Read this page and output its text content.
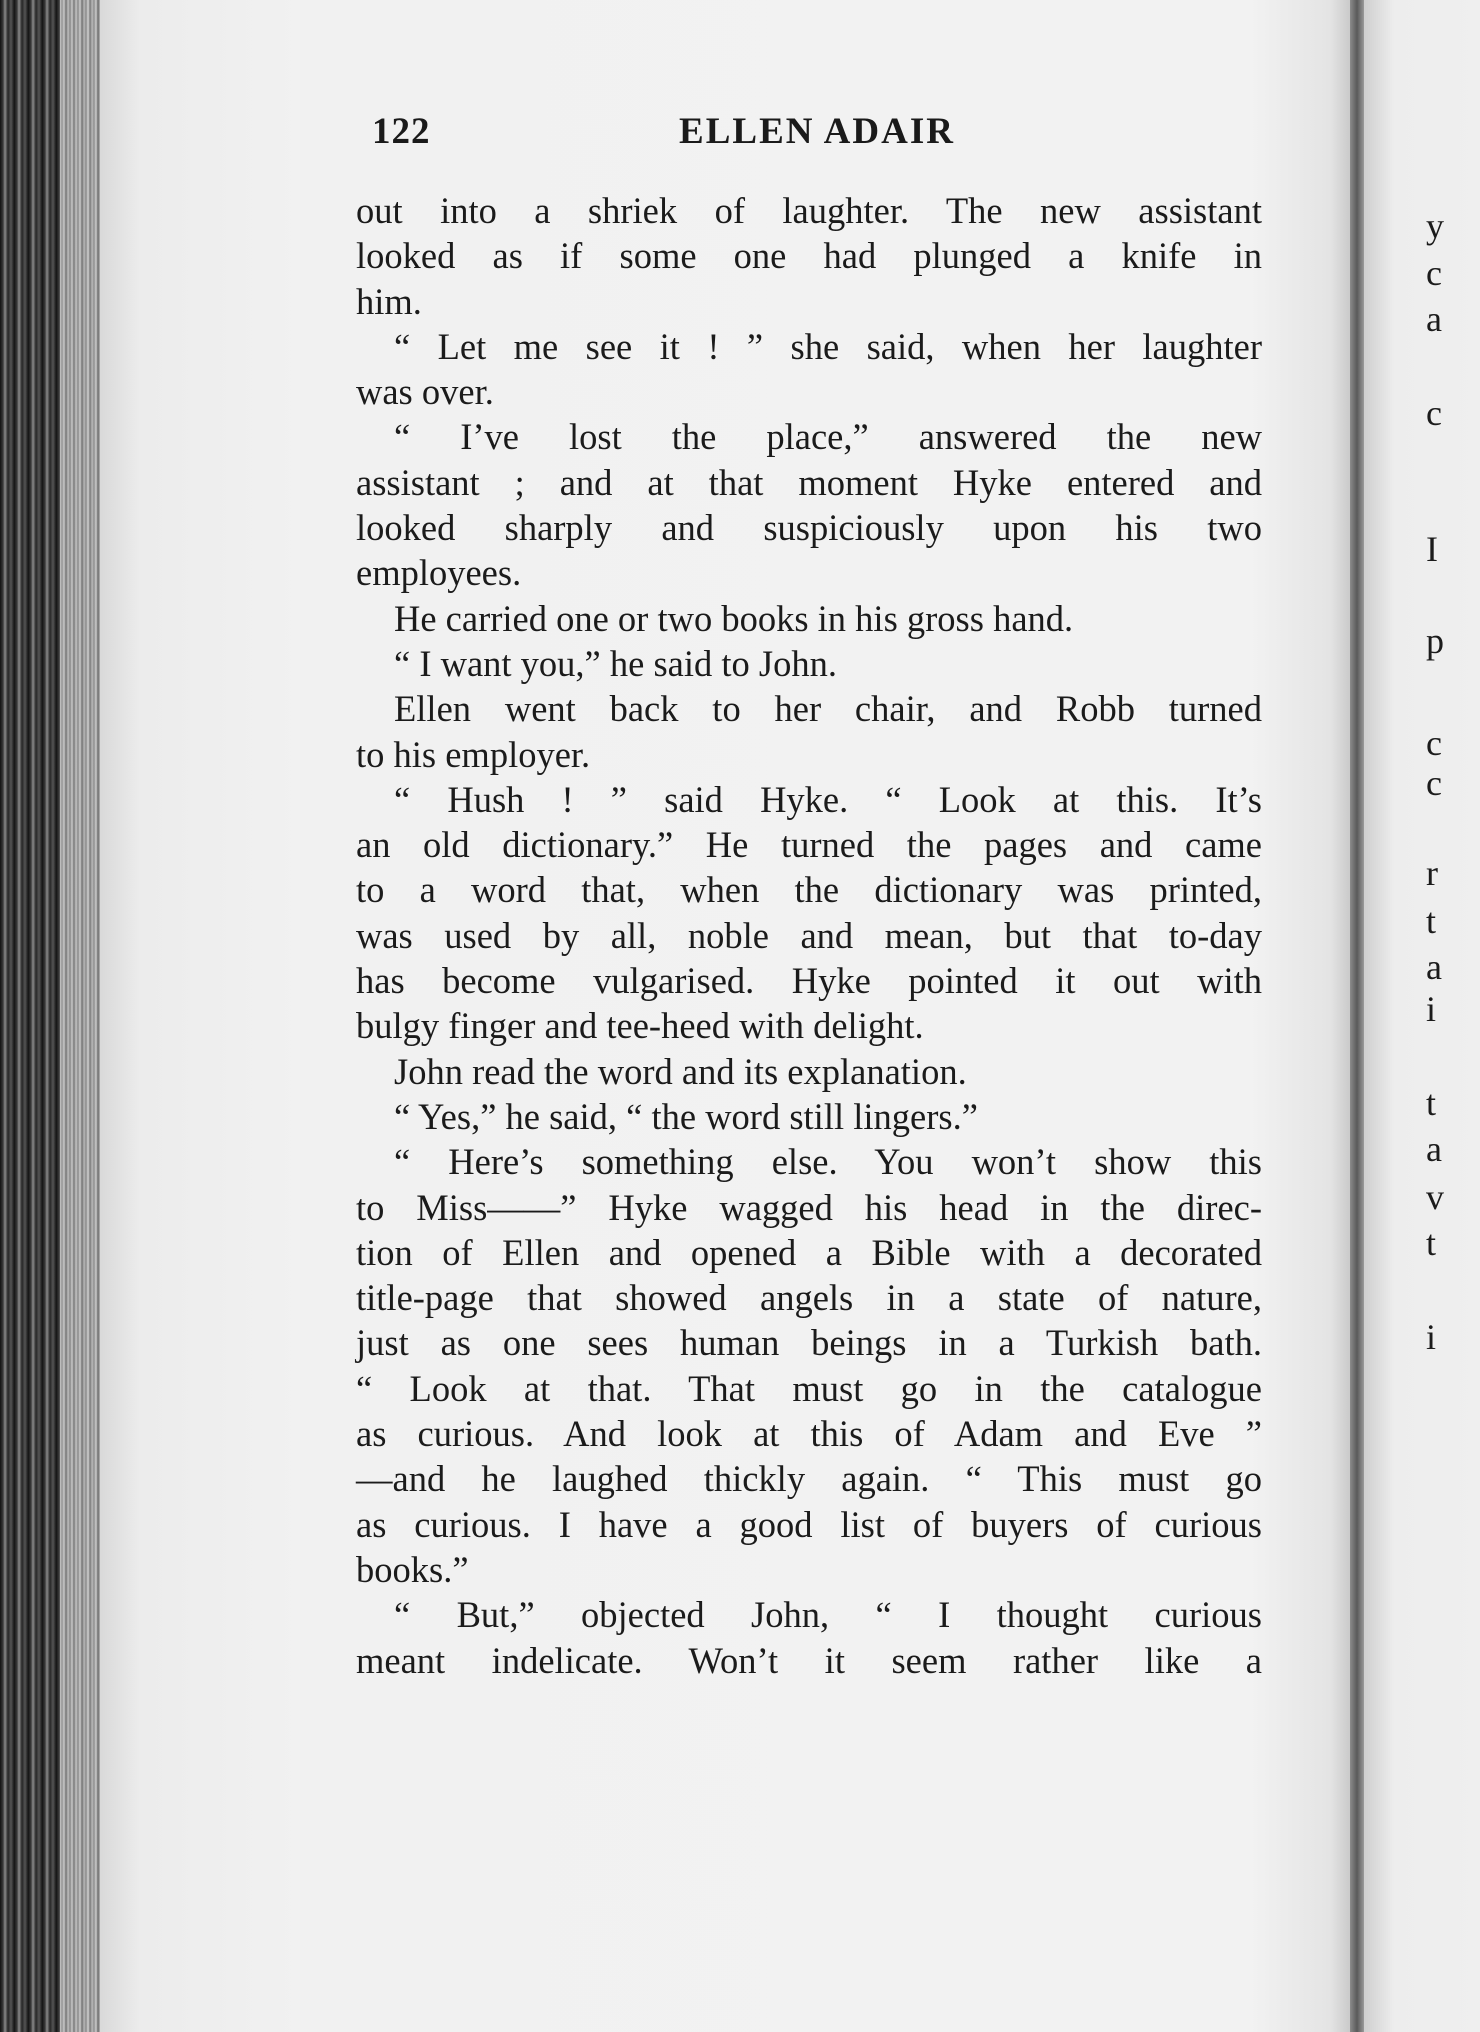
122	ELLEN ADAIR
out into a shriek of laughter. The new assistant
looked as if some one had plunged a knife in
him.
“ Let me see it ! ” she said, when her laughter
was over.
“ I’ve lost the place,” answered the new
assistant ; and at that moment Hyke entered and
looked sharply and suspiciously upon his two
employees.
He carried one or two books in his gross hand.
“ I want you,” he said to John.
Ellen went back to her chair, and Robb turned
to his employer.
“ Hush ! ” said Hyke. “ Look at this. It’s
an old dictionary.” He turned the pages and came
to a word that, when the dictionary was printed,
was used by all, noble and mean, but that to-day
has become vulgarised. Hyke pointed it out with
bulgy finger and tee-heed with delight.
John read the word and its explanation.
“ Yes,” he said, “ the word still lingers.”
“ Here’s something else. You won’t show this
to Miss——” Hyke wagged his head in the direc-
tion of Ellen and opened a Bible with a decorated
title-page that showed angels in a state of nature,
just as one sees human beings in a Turkish bath.
“ Look at that. That must go in the catalogue
as curious. And look at this of Adam and Eve ”
—and he laughed thickly again. “ This must go
as curious. I have a good list of buyers of curious
books.”
“ But,” objected John, “ I thought curious
meant indelicate. Won’t it seem rather like a
y
c
a
c
I
p
c
c
r
t
a
i
t
a
v
t
i
